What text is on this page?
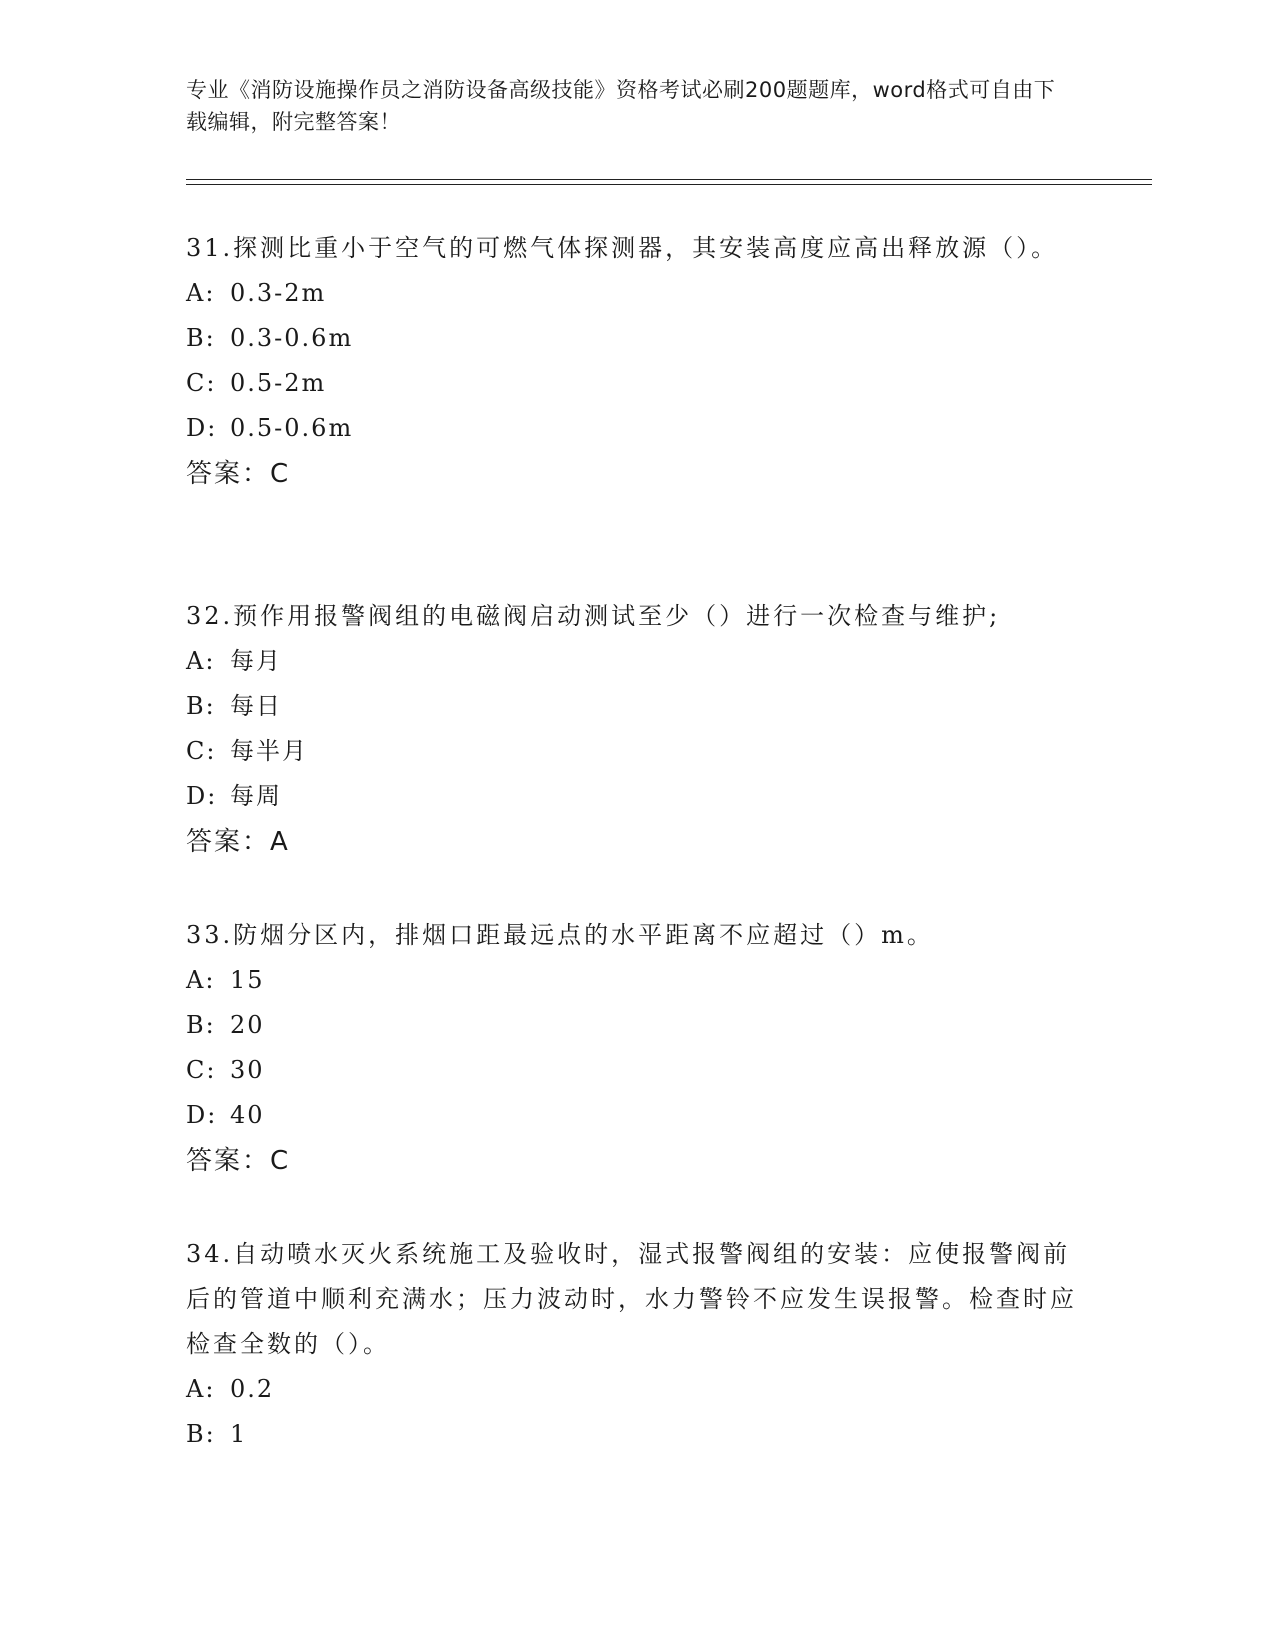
专业《消防设施操作员之消防设备高级技能》资格考试必刷200题题库，word格式可自由下载编辑，附完整答案！

31.探测比重小于空气的可燃气体探测器，其安装高度应高出释放源（）。

A: 0.3-2m
B: 0.3-0.6m
C: 0.5-2m
D: 0.5-0.6m
答案：C

32.预作用报警阀组的电磁阀启动测试至少（）进行一次检查与维护;

A: 每月
B: 每日
C: 每半月
D: 每周
答案：A

33.防烟分区内，排烟口距最远点的水平距离不应超过（）m。

A: 15
B: 20
C: 30
D: 40
答案：C

34.自动喷水灭火系统施工及验收时，湿式报警阀组的安装：应使报警阀前后的管道中顺利充满水；压力波动时，水力警铃不应发生误报警。检查时应检查全数的（）。

A: 0.2
B: 1
